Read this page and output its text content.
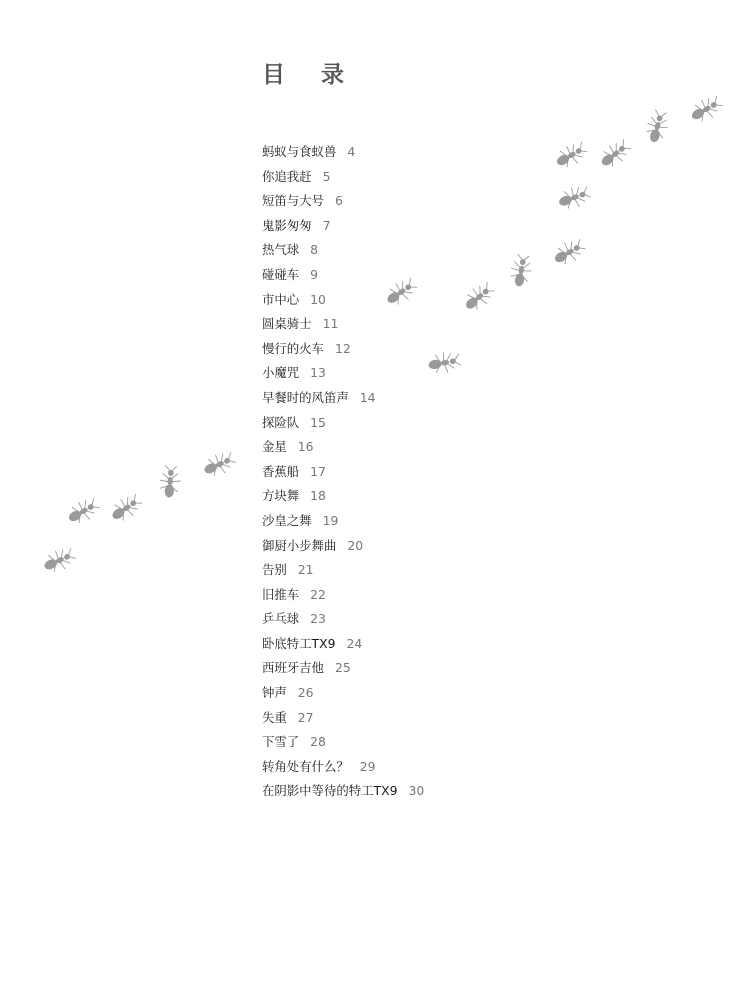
目 录
蚂蚁与食蚁兽 4
你追我赶 5
短笛与大号 6
鬼影匆匆 7
热气球 8
碰碰车 9
市中心 10
圆桌骑士 11
慢行的火车 12
小魔咒 13
早餐时的风笛声 14
探险队 15
金星 16
香蕉船 17
方块舞 18
沙皇之舞 19
御厨小步舞曲 20
告别 21
旧推车 22
乒乓球 23
卧底特工TX9 24
西班牙吉他 25
钟声 26
失重 27
下雪了 28
转角处有什么？ 29
在阴影中等待的特工TX9 30
